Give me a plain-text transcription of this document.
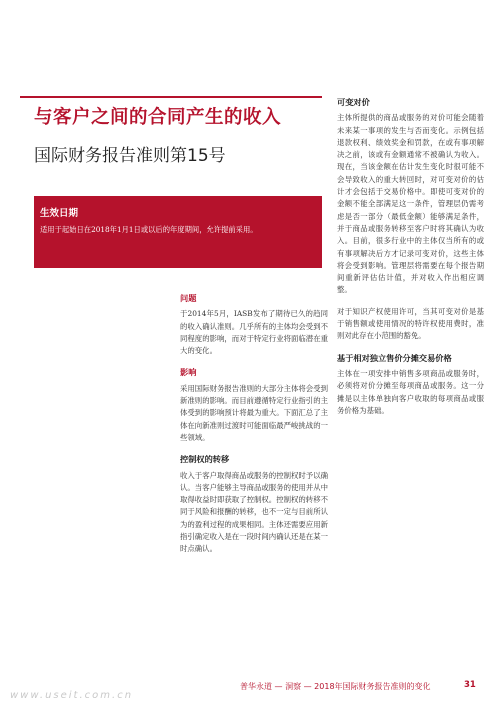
与客户之间的合同产生的收入
国际财务报告准则第15号
生效日期
适用于起始日在2018年1月1日或以后的年度期间，允许提前采用。
问题

于2014年5月，IASB发布了期待已久的趋同的收入确认准则。几乎所有的主体均会受到不同程度的影响，而对于特定行业将面临潜在重大的变化。

影响

采用国际财务报告准则的大部分主体将会受到新准则的影响。而目前遵循特定行业指引的主体受到的影响预计将最为重大。下面汇总了主体在向新准则过渡时可能面临最严峻挑战的一些领域。

控制权的转移

收入于客户取得商品或服务的控制权时予以确认。当客户能够主导商品或服务的使用并从中取得收益时即获取了控制权。控制权的转移不同于风险和报酬的转移，也不一定与目前所认为的盈利过程的成果相同。主体还需要应用新指引确定收入是在一段时间内确认还是在某一时点确认。

可变对价

主体所提供的商品或服务的对价可能会随着未来某一事项的发生与否而变化。示例包括退款权利、绩效奖金和罚款，在或有事项解决之前，该或有金额通常不被确认为收入。现在，当该金额在估计发生变化时很可能不会导致收入的重大转回时，对可变对价的估计才会包括于交易价格中。即使可变对价的金额不能全部满足这一条件，管理层仍需考虑是否一部分（最低金额）能够满足条件，并于商品或服务转移至客户时将其确认为收入。目前，很多行业中的主体仅当所有的或有事项解决后方才记录可变对价，这些主体将会受到影响。管理层将需要在每个报告期间重新评估估计值，并对收入作出相应调整。

对于知识产权使用许可，当其可变对价是基于销售额或使用情况的特许权使用费时，准则对此存在小范围的豁免。

基于相对独立售价分摊交易价格

主体在一项安排中销售多项商品或服务时，必须将对价分摊至每项商品或服务。这一分摊是以主体单独向客户收取的每项商品或服务价格为基础。

www.useit.com.cn
普华永道 — 洞察 — 2018年国际财务报告准则的变化	31
